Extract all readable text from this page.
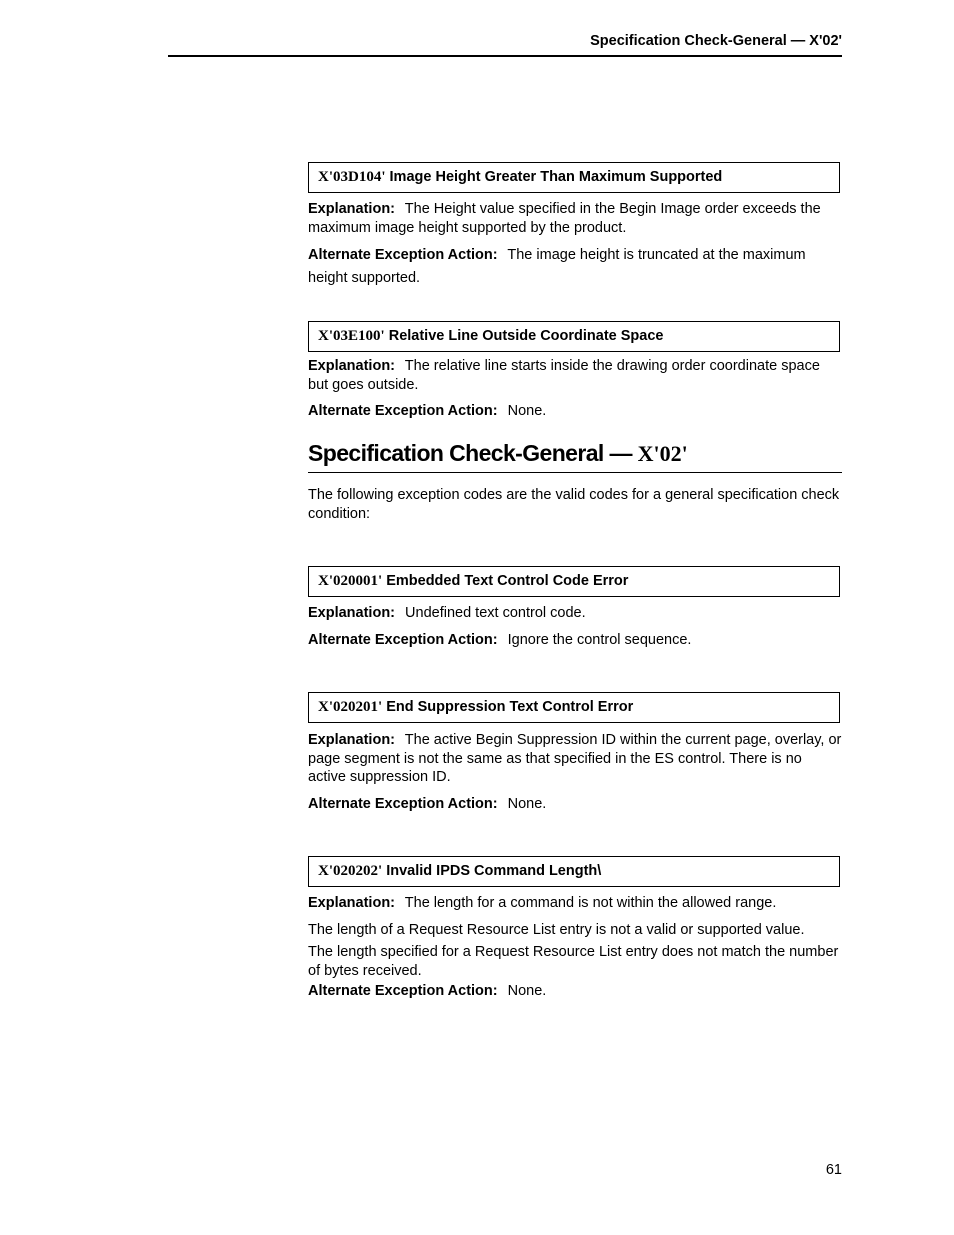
Specification Check-General — X'02'
X'03D104' Image Height Greater Than Maximum Supported
Explanation: The Height value specified in the Begin Image order exceeds the maximum image height supported by the product.
Alternate Exception Action: The image height is truncated at the maximum height supported.
X'03E100' Relative Line Outside Coordinate Space
Explanation: The relative line starts inside the drawing order coordinate space but goes outside.
Alternate Exception Action: None.
Specification Check-General — X'02'
The following exception codes are the valid codes for a general specification check condition:
X'020001' Embedded Text Control Code Error
Explanation: Undefined text control code.
Alternate Exception Action: Ignore the control sequence.
X'020201' End Suppression Text Control Error
Explanation: The active Begin Suppression ID within the current page, overlay, or page segment is not the same as that specified in the ES control. There is no active suppression ID.
Alternate Exception Action: None.
X'020202' Invalid IPDS Command Length\
Explanation: The length for a command is not within the allowed range.
The length of a Request Resource List entry is not a valid or supported value.
The length specified for a Request Resource List entry does not match the number of bytes received.
Alternate Exception Action: None.
61
